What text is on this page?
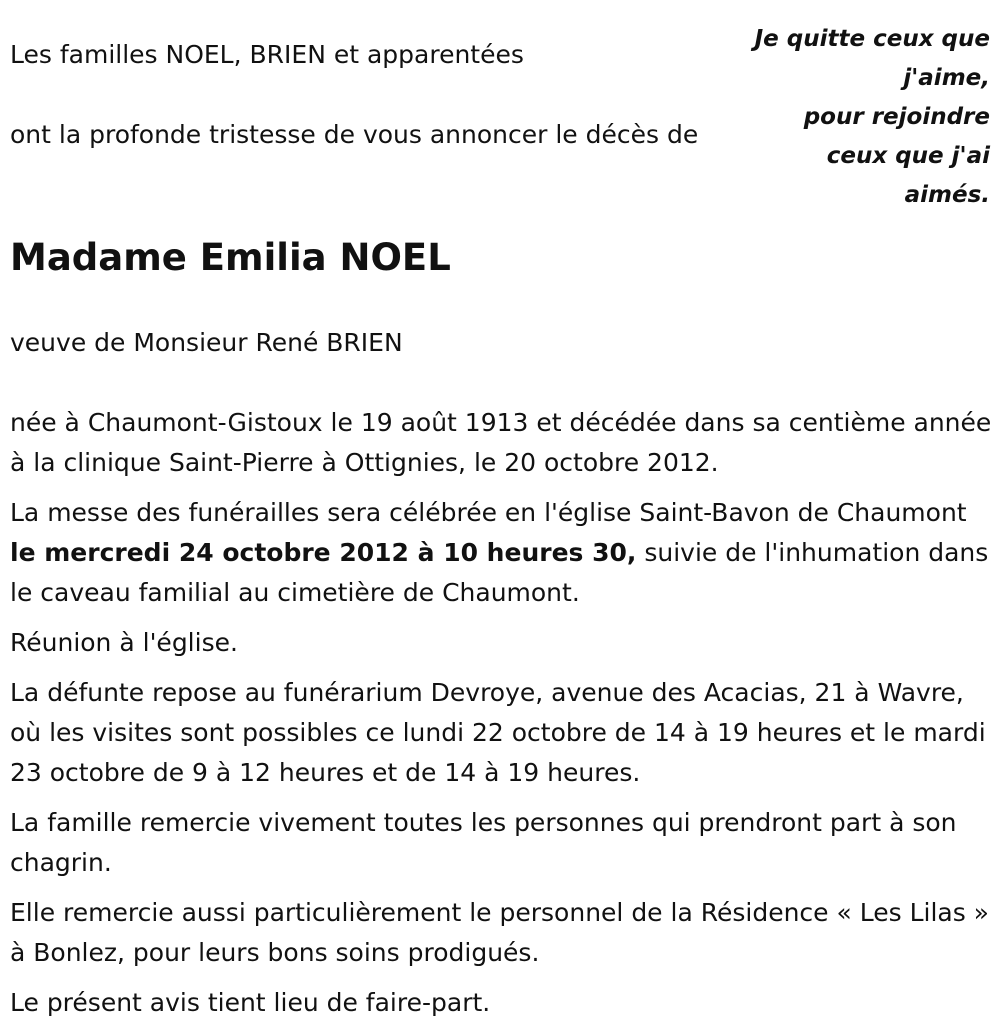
Je quitte ceux que
j'aime,
pour rejoindre
ceux que j'ai
aimés.

Les familles NOEL, BRIEN et apparentées

ont la profonde tristesse de vous annoncer le décès de

Madame Emilia NOEL

veuve de Monsieur René BRIEN

née à Chaumont-Gistoux le 19 août 1913 et décédée dans sa centième année à la clinique Saint-Pierre à Ottignies, le 20 octobre 2012.

La messe des funérailles sera célébrée en l'église Saint-Bavon de Chaumont le mercredi 24 octobre 2012 à 10 heures 30, suivie de l'inhumation dans le caveau familial au cimetière de Chaumont.

Réunion à l'église.

La défunte repose au funérarium Devroye, avenue des Acacias, 21 à Wavre, où les visites sont possibles ce lundi 22 octobre de 14 à 19 heures et le mardi 23 octobre de 9 à 12 heures et de 14 à 19 heures.

La famille remercie vivement toutes les personnes qui prendront part à son chagrin.

Elle remercie aussi particulièrement le personnel de la Résidence « Les Lilas » à Bonlez, pour leurs bons soins prodigués.

Le présent avis tient lieu de faire-part.
